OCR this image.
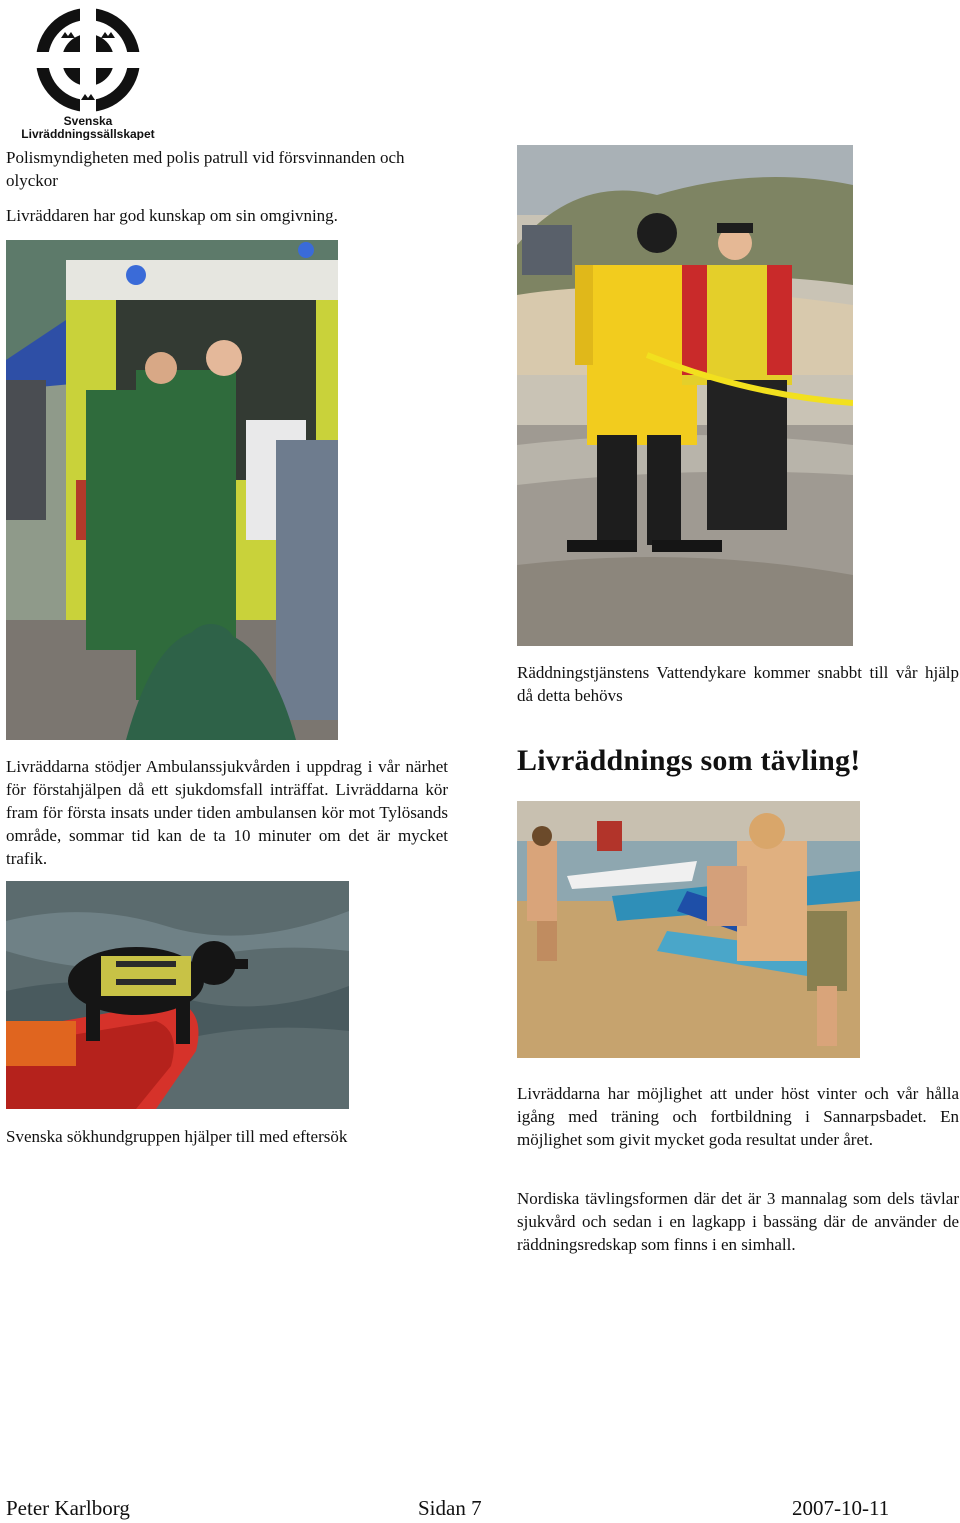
S
L
S
Svenska
Livräddningssällskapet

Polismyndigheten med polis patrull vid försvinnanden och olyckor

Livräddaren har god kunskap om sin omgivning.

Livräddarna stödjer Ambulanssjukvården i uppdrag i vår närhet för förstahjälpen då ett sjukdomsfall inträffat. Livräddarna kör fram för första insats under tiden ambulansen kör mot Tylösands område, sommar tid kan de ta 10 minuter om det är mycket trafik.

Svenska sökhundgruppen hjälper till med eftersök

Räddningstjänstens Vattendykare kommer snabbt till vår hjälp då detta behövs

Livräddnings som tävling!

Livräddarna har möjlighet att under höst vinter och vår hålla igång med träning och fortbildning i Sannarpsbadet. En möjlighet som givit mycket goda resultat under året.

Nordiska tävlingsformen där det är 3 mannalag som dels tävlar sjukvård och sedan i en lagkapp i bassäng där de använder de räddningsredskap som finns i en simhall.

Peter Karlborg	Sidan 7	2007-10-11
